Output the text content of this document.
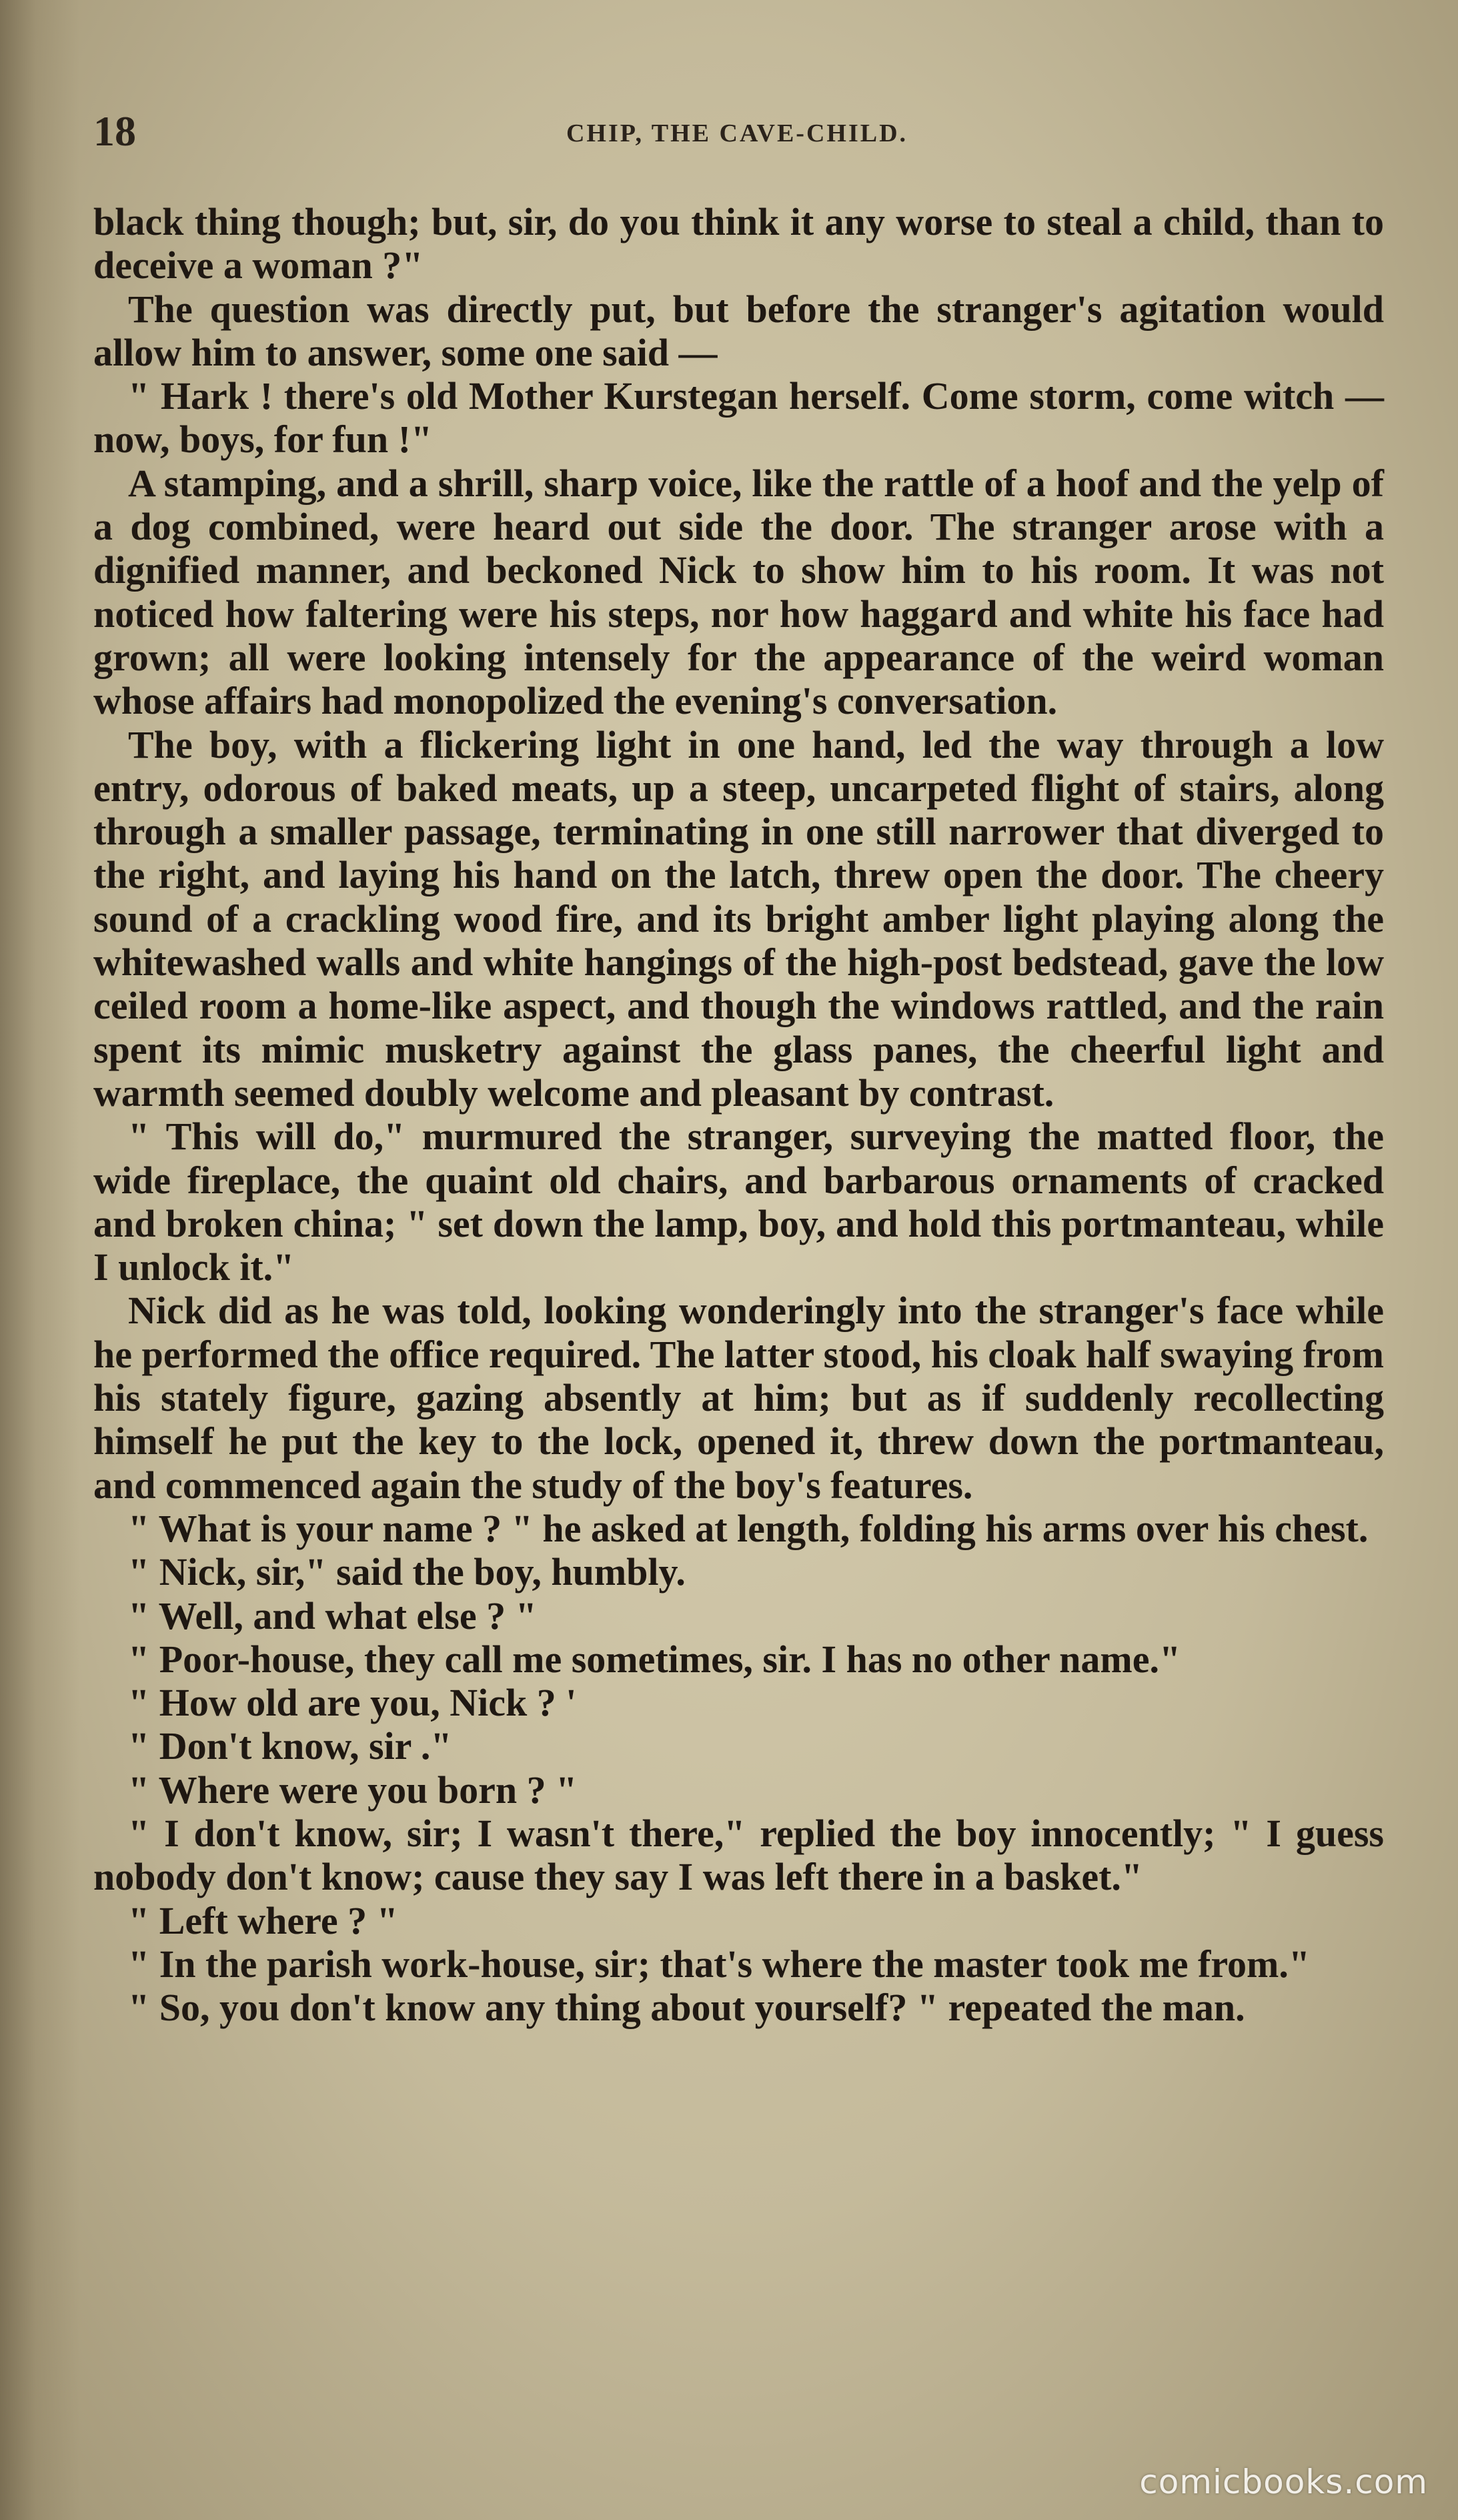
18	CHIP, THE CAVE-CHILD.

black thing though; but, sir, do you think it any worse to steal a child, than to deceive a woman ?"

The question was directly put, but before the stranger's agitation would allow him to answer, some one said —

" Hark ! there's old Mother Kurstegan herself. Come storm, come witch — now, boys, for fun !"

A stamping, and a shrill, sharp voice, like the rattle of a hoof and the yelp of a dog combined, were heard out side the door. The stranger arose with a dignified manner, and beckoned Nick to show him to his room. It was not noticed how faltering were his steps, nor how haggard and white his face had grown; all were looking intensely for the appearance of the weird woman whose affairs had monopolized the evening's conversation.

The boy, with a flickering light in one hand, led the way through a low entry, odorous of baked meats, up a steep, uncarpeted flight of stairs, along through a smaller passage, terminating in one still narrower that diverged to the right, and laying his hand on the latch, threw open the door. The cheery sound of a crackling wood fire, and its bright amber light playing along the whitewashed walls and white hangings of the high-post bedstead, gave the low ceiled room a home-like aspect, and though the windows rattled, and the rain spent its mimic musketry against the glass panes, the cheerful light and warmth seemed doubly welcome and pleasant by contrast.

" This will do," murmured the stranger, surveying the matted floor, the wide fireplace, the quaint old chairs, and barbarous ornaments of cracked and broken china; " set down the lamp, boy, and hold this portmanteau, while I unlock it."

Nick did as he was told, looking wonderingly into the stranger's face while he performed the office required. The latter stood, his cloak half swaying from his stately figure, gazing absently at him; but as if suddenly recollecting himself he put the key to the lock, opened it, threw down the portmanteau, and commenced again the study of the boy's features.

" What is your name ? " he asked at length, folding his arms over his chest.

" Nick, sir," said the boy, humbly.

" Well, and what else ? "

" Poor-house, they call me sometimes, sir. I has no other name."

" How old are you, Nick ? '

" Don't know, sir ."

" Where were you born ? "

" I don't know, sir; I wasn't there," replied the boy innocently; " I guess nobody don't know; cause they say I was left there in a basket."

" Left where ? "

" In the parish work-house, sir; that's where the master took me from."

" So, you don't know any thing about yourself? " repeated the man.

comicbooks.com
